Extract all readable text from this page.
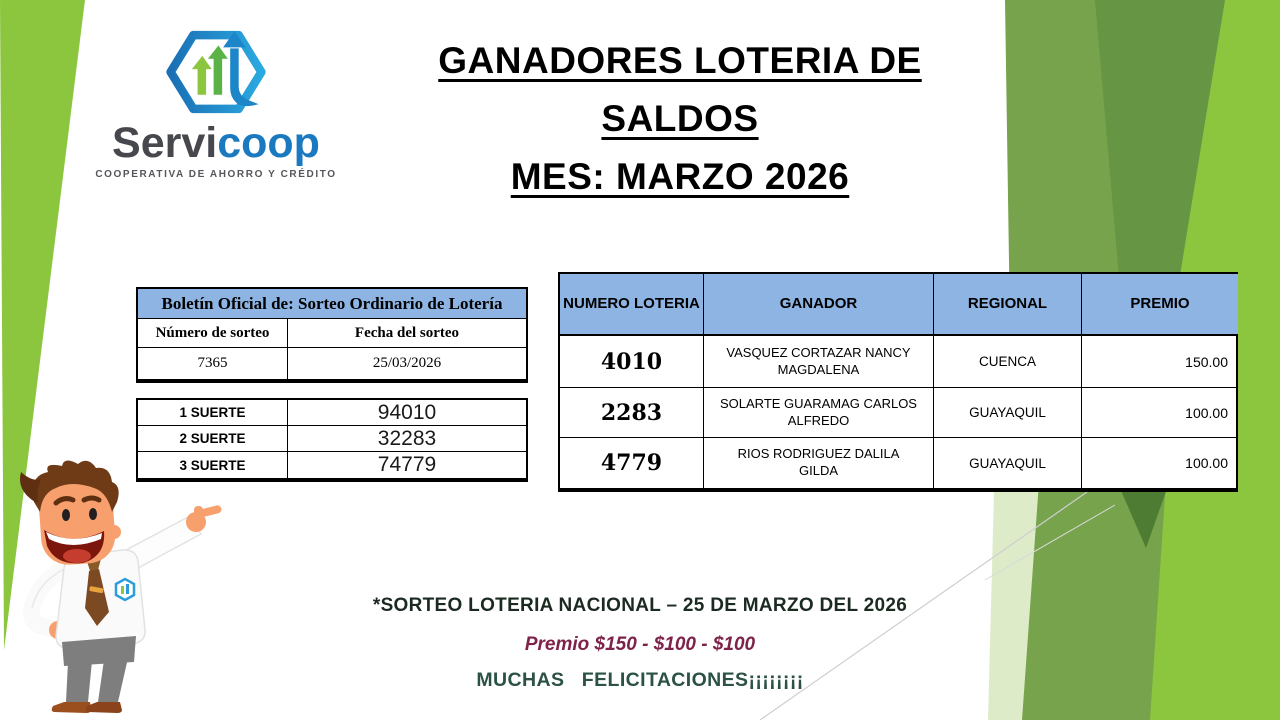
Servicoop
COOPERATIVA DE AHORRO Y CRÉDITO
GANADORES LOTERIA DE
SALDOS
MES: MARZO 2026
Boletín Oficial de: Sorteo Ordinario de Lotería
Número de sorteo	Fecha del sorteo
7365	25/03/2026
1 SUERTE	94010
2 SUERTE	32283
3 SUERTE	74779
NUMERO LOTERIA	GANADOR	REGIONAL	PREMIO
4010	VASQUEZ CORTAZAR NANCY MAGDALENA	CUENCA	150.00
2283	SOLARTE GUARAMAG CARLOS ALFREDO	GUAYAQUIL	100.00
4779	RIOS RODRIGUEZ DALILA GILDA	GUAYAQUIL	100.00
*SORTEO LOTERIA NACIONAL – 25 DE MARZO DEL 2026
Premio $150 - $100 - $100
MUCHAS   FELICITACIONES¡¡¡¡¡¡¡¡
